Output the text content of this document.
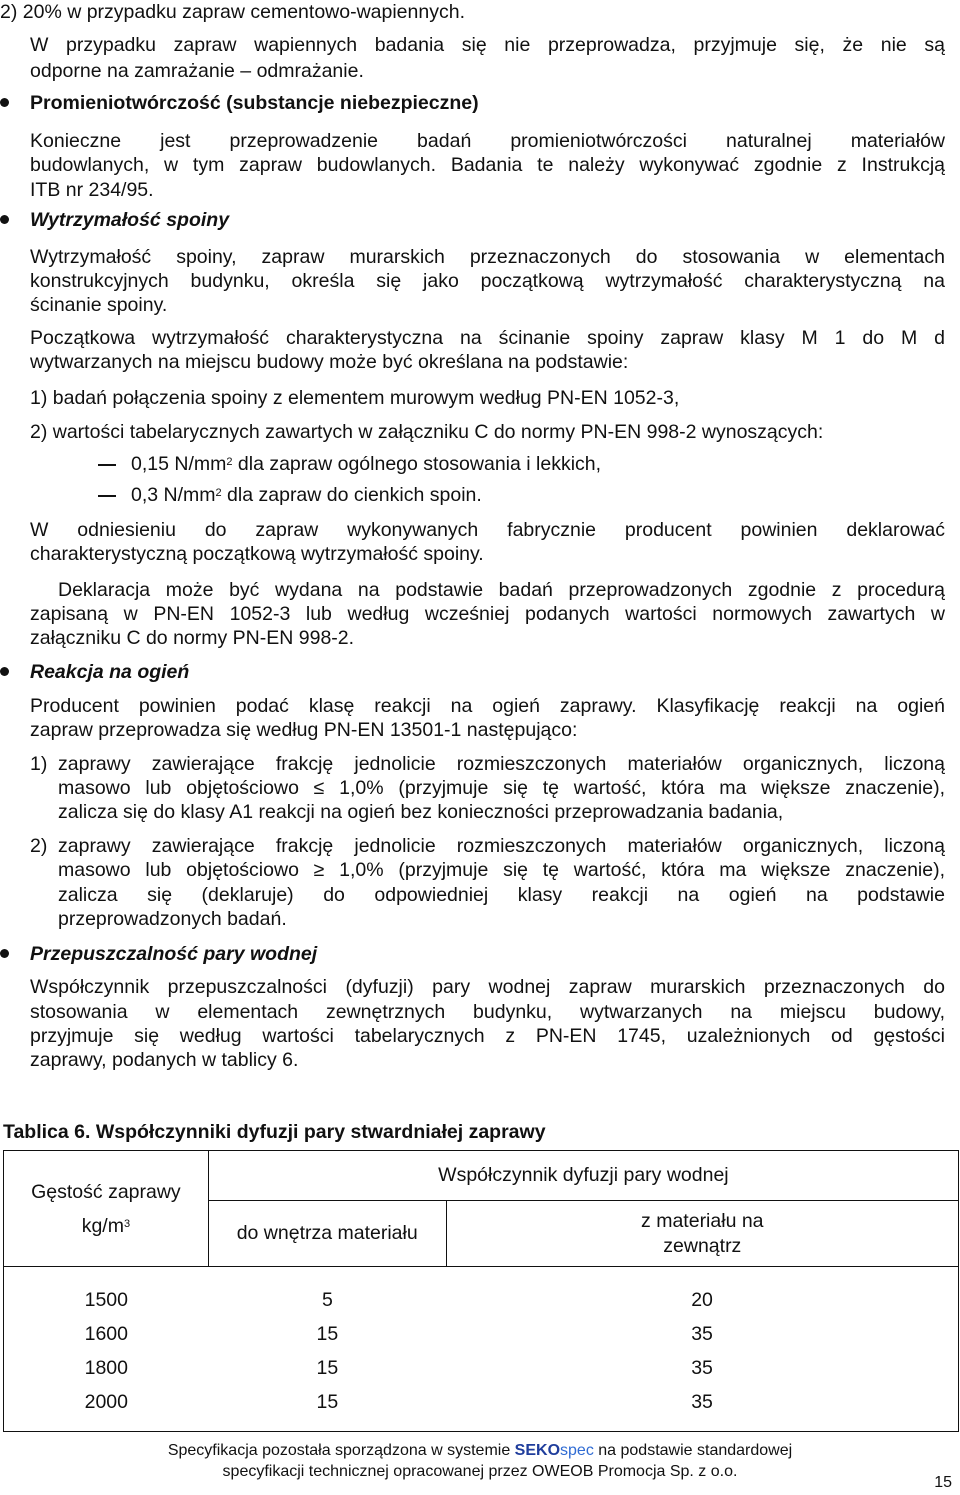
2) 20% w przypadku zapraw cementowo-wapiennych.

W przypadku zapraw wapiennych badania się nie przeprowadza, przyjmuje się, że nie są

odporne na zamrażanie – odmrażanie.

Promieniotwórczość (substancje niebezpieczne)

Konieczne jest przeprowadzenie badań promieniotwórczości naturalnej materiałów

budowlanych, w tym zapraw budowlanych. Badania te należy wykonywać zgodnie z Instrukcją

ITB nr 234/95.

Wytrzymałość spoiny

Wytrzymałość spoiny, zapraw murarskich przeznaczonych do stosowania w elementach

konstrukcyjnych budynku, określa się jako początkową wytrzymałość charakterystyczną na

ścinanie spoiny.

Początkowa wytrzymałość charakterystyczna na ścinanie spoiny zapraw klasy M 1 do M d

wytwarzanych na miejscu budowy może być określana na podstawie:

1) badań połączenia spoiny z elementem murowym według PN-EN 1052-3,

2) wartości tabelarycznych zawartych w załączniku C do normy PN-EN 998-2 wynoszących:

0,15 $N/mm^2$ dla zapraw ogólnego stosowania i lekkich,

0,3 $N/mm^2$ dla zapraw do cienkich spoin.

W odniesieniu do zapraw wykonywanych fabrycznie producent powinien deklarować

charakterystyczną początkową wytrzymałość spoiny.

Deklaracja może być wydana na podstawie badań przeprowadzonych zgodnie z procedurą

zapisaną w PN-EN 1052-3 lub według wcześniej podanych wartości normowych zawartych w

załączniku C do normy PN-EN 998-2.

Reakcja na ogień

Producent powinien podać klasę reakcji na ogień zaprawy. Klasyfikację reakcji na ogień

zapraw przeprowadza się według PN-EN 13501-1 następująco:

1) zaprawy zawierające frakcję jednolicie rozmieszczonych materiałów organicznych, liczoną

masowo lub objętościowo ≤ 1,0% (przyjmuje się tę wartość, która ma większe znaczenie),

zalicza się do klasy A1 reakcji na ogień bez konieczności przeprowadzania badania,

2) zaprawy zawierające frakcję jednolicie rozmieszczonych materiałów organicznych, liczoną

masowo lub objętościowo ≥ 1,0% (przyjmuje się tę wartość, która ma większe znaczenie),

zalicza się (deklaruje) do odpowiedniej klasy reakcji na ogień na podstawie

przeprowadzonych badań.

Przepuszczalność pary wodnej

Współczynnik przepuszczalności (dyfuzji) pary wodnej zapraw murarskich przeznaczonych do

stosowania w elementach zewnętrznych budynku, wytwarzanych na miejscu budowy,

przyjmuje się według wartości tabelarycznych z PN-EN 1745, uzależnionych od gęstości

zaprawy, podanych w tablicy 6.

Tablica 6. Współczynniki dyfuzji pary stwardniałej zaprawy

Gęstość zaprawy
$kg/m^3$
	Współczynnik dyfuzji pary wodnej
do wnętrza materiału	
z materiału na
zewnątrz

1500	5	20
1600	15	35
1800	15	35
2000	15	35

Specyfikacja pozostała sporządzona w systemie SEKOspec na podstawie standardowej
specyfikacji technicznej opracowanej przez OWEOB Promocja Sp. z o.o.
15
